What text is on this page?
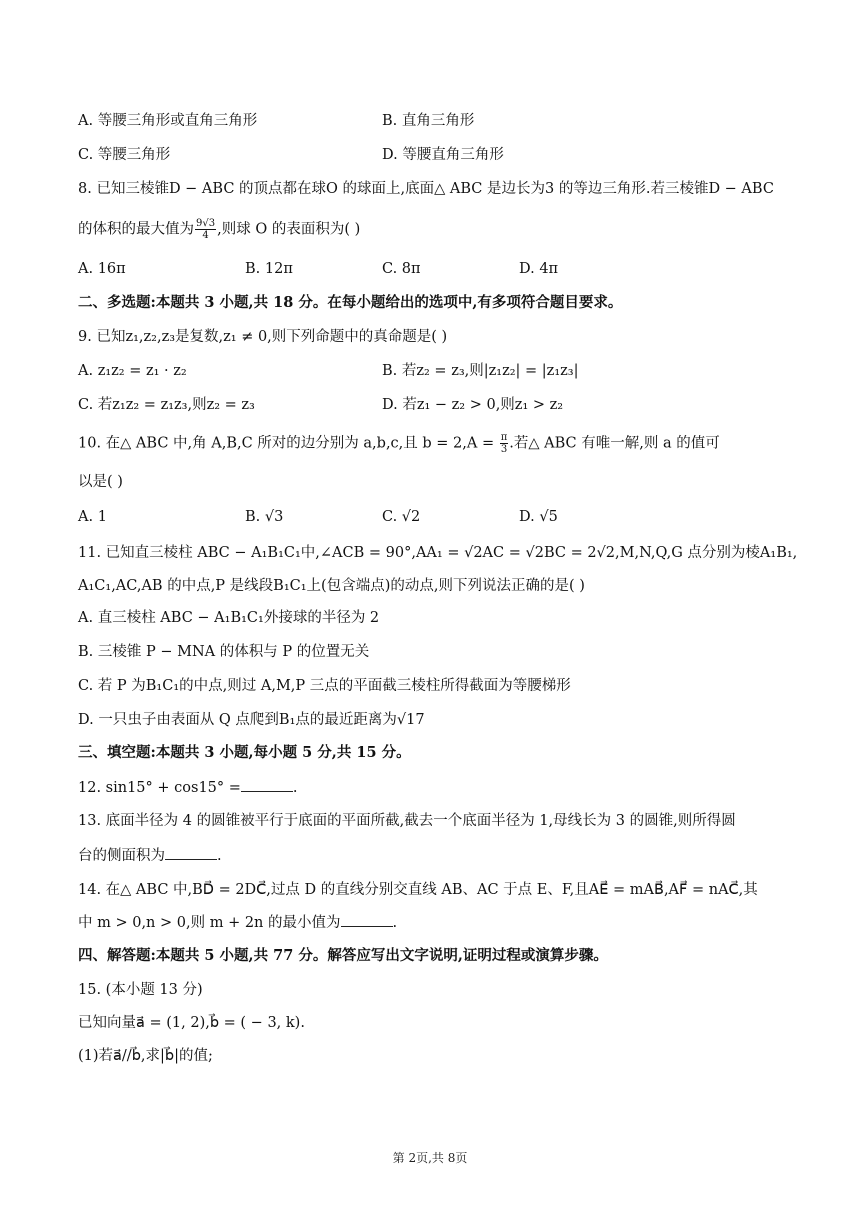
A. 等腰三角形或直角三角形	B. 直角三角形
C. 等腰三角形	D. 等腰直角三角形
8. 已知三棱锥D − ABC 的顶点都在球O 的球面上,底面△ ABC 是边长为3 的等边三角形.若三棱锥D − ABC
的体积的最大值为 $\frac{9√3}{4}$ ,则球 O 的表面积为( )
A. 16π	B. 12π	C. 8π	D. 4π
二、多选题:本题共 3 小题,共 18 分。在每小题给出的选项中,有多项符合题目要求。
9. 已知z₁,z₂,z₃是复数,z₁ ≠ 0,则下列命题中的真命题是( )
A. z₁z₂ = z₁ · z₂	B. 若z₂ = z₃,则|z₁z₂| = |z₁z₃|
C. 若z₁z₂ = z₁z₃,则z₂ = z₃	D. 若z₁ − z₂ > 0,则z₁ > z₂
10. 在△ ABC 中,角 A,B,C 所对的边分别为 a,b,c,且 $b = 2,A = \frac{\pi}{3}$ .若△ ABC 有唯一解,则 a 的值可
以是( )
A. 1	B. √3	C. √2	D. √5
11. 已知直三棱柱 ABC − A₁B₁C₁中,∠ACB = 90°,AA₁ = √2AC = √2BC = 2√2,M,N,Q,G 点分别为棱A₁B₁,
A₁C₁,AC,AB 的中点,P 是线段B₁C₁上(包含端点)的动点,则下列说法正确的是( )
A. 直三棱柱 ABC − A₁B₁C₁外接球的半径为 2
B. 三棱锥 P − MNA 的体积与 P 的位置无关
C. 若 P 为B₁C₁的中点,则过 A,M,P 三点的平面截三棱柱所得截面为等腰梯形
D. 一只虫子由表面从 Q 点爬到B₁点的最近距离为√17
三、填空题:本题共 3 小题,每小题 5 分,共 15 分。
12. sin15° + cos15° =	.
13. 底面半径为 4 的圆锥被平行于底面的平面所截,截去一个底面半径为 1,母线长为 3 的圆锥,则所得圆
台的侧面积为	.
14. 在△ ABC 中,BD⃗ = 2DC⃗,过点 D 的直线分别交直线 AB、AC 于点 E、F,且AE⃗ = mAB⃗,AF⃗ = nAC⃗,其
中 m > 0,n > 0,则 m + 2n 的最小值为	.
四、解答题:本题共 5 小题,共 77 分。解答应写出文字说明,证明过程或演算步骤。
15. (本小题 13 分)
已知向量a⃗ = (1, 2),b⃗ = ( − 3, k).
(1)若a⃗//b⃗,求|b⃗|的值;
第 2页,共 8页
